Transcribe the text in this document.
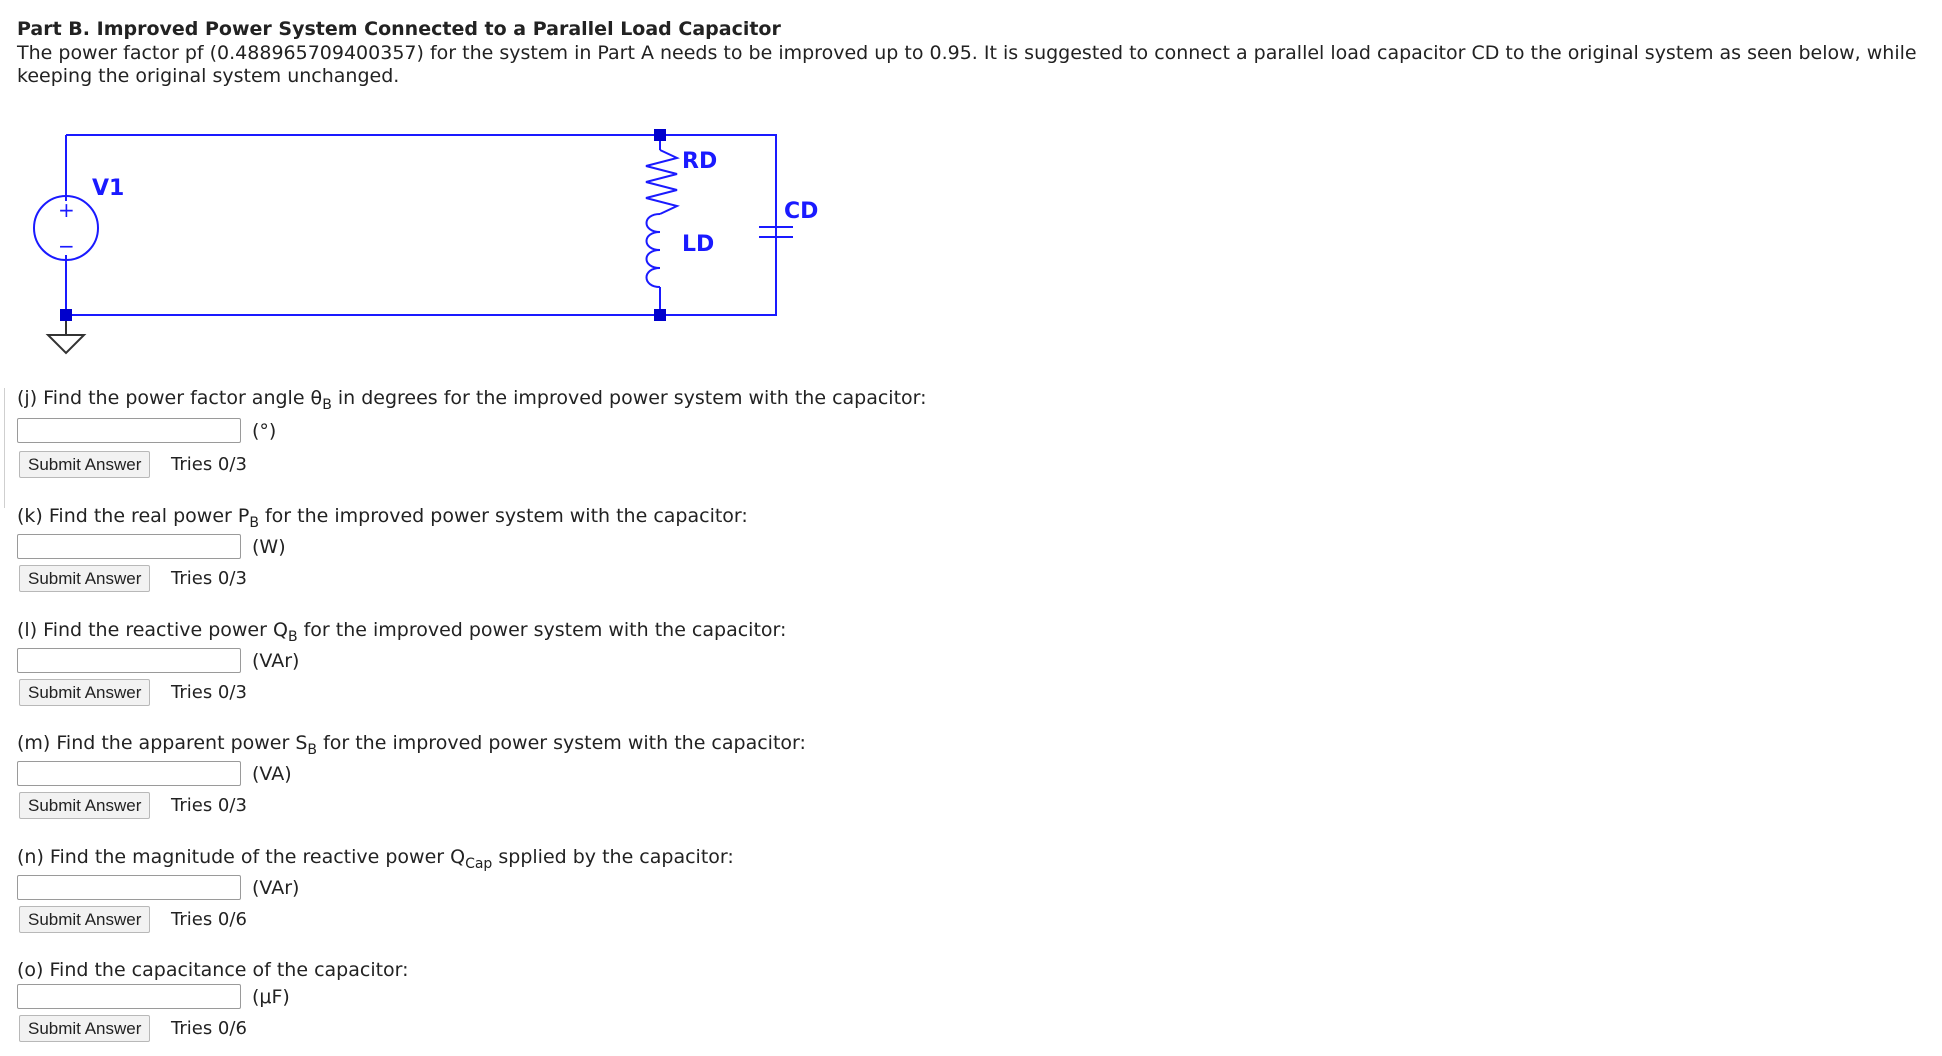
Part B. Improved Power System Connected to a Parallel Load Capacitor
The power factor pf (0.488965709400357) for the system in Part A needs to be improved up to 0.95. It is suggested to connect a parallel load capacitor CD to the original system as seen below, while keeping the original system unchanged.
+
−
V1
RD
LD
CD
(j) Find the power factor angle $\theta_B$ in degrees for the improved power system with the capacitor:
(°)
Submit Answer	Tries 0/3
(k) Find the real power $P_B$ for the improved power system with the capacitor:
(W)
Submit Answer	Tries 0/3
(l) Find the reactive power $Q_B$ for the improved power system with the capacitor:
(VAr)
Submit Answer	Tries 0/3
(m) Find the apparent power $S_B$ for the improved power system with the capacitor:
(VA)
Submit Answer	Tries 0/3
(n) Find the magnitude of the reactive power $Q_{Cap}$ spplied by the capacitor:
(VAr)
Submit Answer	Tries 0/6
(o) Find the capacitance of the capacitor:
(μF)
Submit Answer	Tries 0/6
